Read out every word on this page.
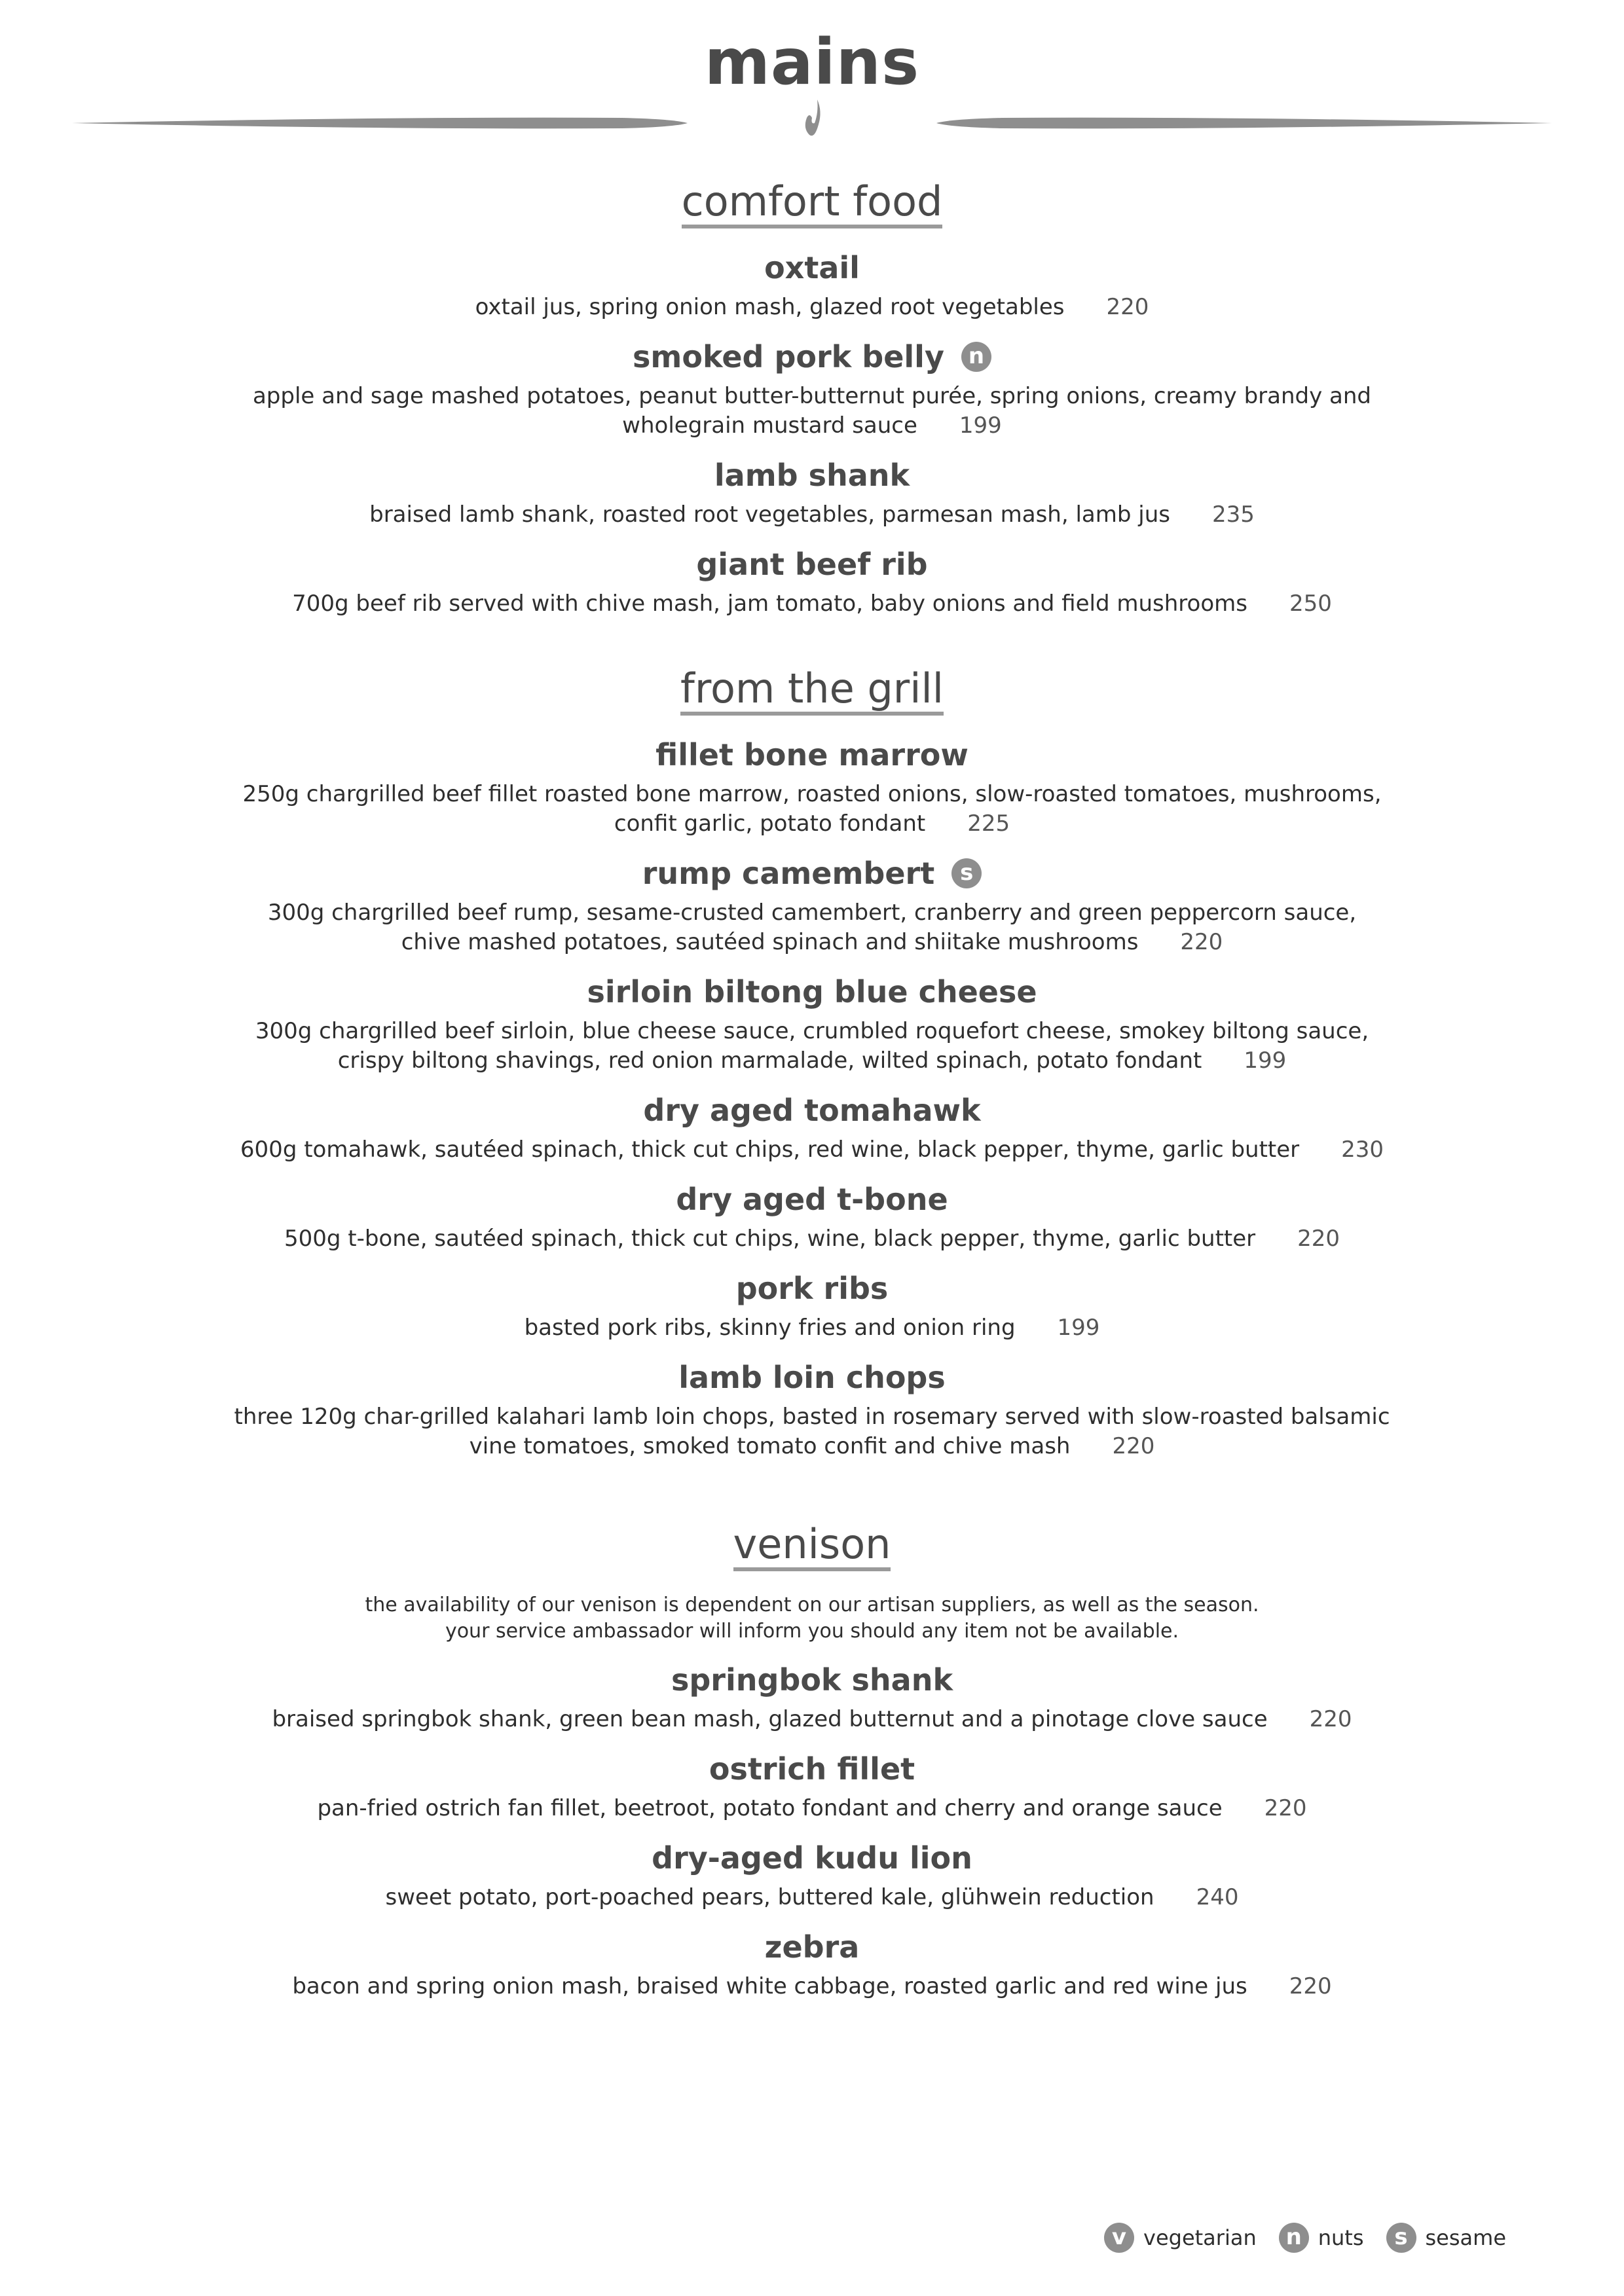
mains
comfort food
oxtail
oxtail jus, spring onion mash, glazed root vegetables 220
smoked pork belly n
apple and sage mashed potatoes, peanut butter-butternut purée, spring onions, creamy brandy and
wholegrain mustard sauce 199
lamb shank
braised lamb shank, roasted root vegetables, parmesan mash, lamb jus 235
giant beef rib
700g beef rib served with chive mash, jam tomato, baby onions and field mushrooms 250
from the grill
fillet bone marrow
250g chargrilled beef fillet roasted bone marrow, roasted onions, slow-roasted tomatoes, mushrooms,
confit garlic, potato fondant 225
rump camembert s
300g chargrilled beef rump, sesame-crusted camembert, cranberry and green peppercorn sauce,
chive mashed potatoes, sautéed spinach and shiitake mushrooms 220
sirloin biltong blue cheese
300g chargrilled beef sirloin, blue cheese sauce, crumbled roquefort cheese, smokey biltong sauce,
crispy biltong shavings, red onion marmalade, wilted spinach, potato fondant 199
dry aged tomahawk
600g tomahawk, sautéed spinach, thick cut chips, red wine, black pepper, thyme, garlic butter 230
dry aged t-bone
500g t-bone, sautéed spinach, thick cut chips, wine, black pepper, thyme, garlic butter 220
pork ribs
basted pork ribs, skinny fries and onion ring 199
lamb loin chops
three 120g char-grilled kalahari lamb loin chops, basted in rosemary served with slow-roasted balsamic
vine tomatoes, smoked tomato confit and chive mash 220
venison
the availability of our venison is dependent on our artisan suppliers, as well as the season.
your service ambassador will inform you should any item not be available.
springbok shank
braised springbok shank, green bean mash, glazed butternut and a pinotage clove sauce 220
ostrich fillet
pan-fried ostrich fan fillet, beetroot, potato fondant and cherry and orange sauce 220
dry-aged kudu lion
sweet potato, port-poached pears, buttered kale, glühwein reduction 240
zebra
bacon and spring onion mash, braised white cabbage, roasted garlic and red wine jus 220
v vegetarian	n nuts	s sesame
